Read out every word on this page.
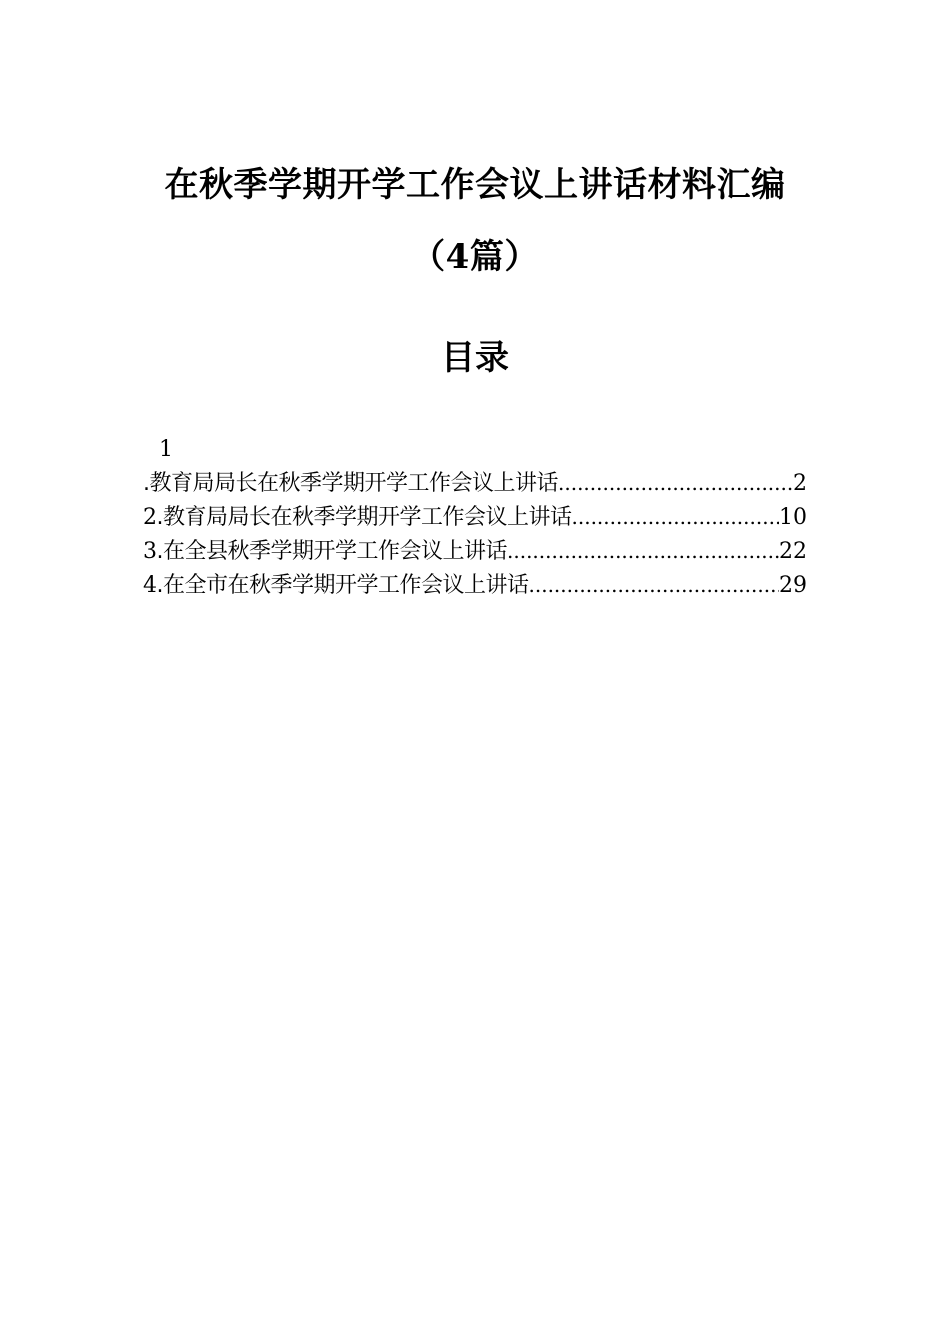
在秋季学期开学工作会议上讲话材料汇编
（4篇）
目录
1
.教育局局长在秋季学期开学工作会议上讲话 .....	2
2.教育局局长在秋季学期开学工作会议上讲话 .....	10
3.在全县秋季学期开学工作会议上讲话 .....	22
4.在全市在秋季学期开学工作会议上讲话 .....	29
